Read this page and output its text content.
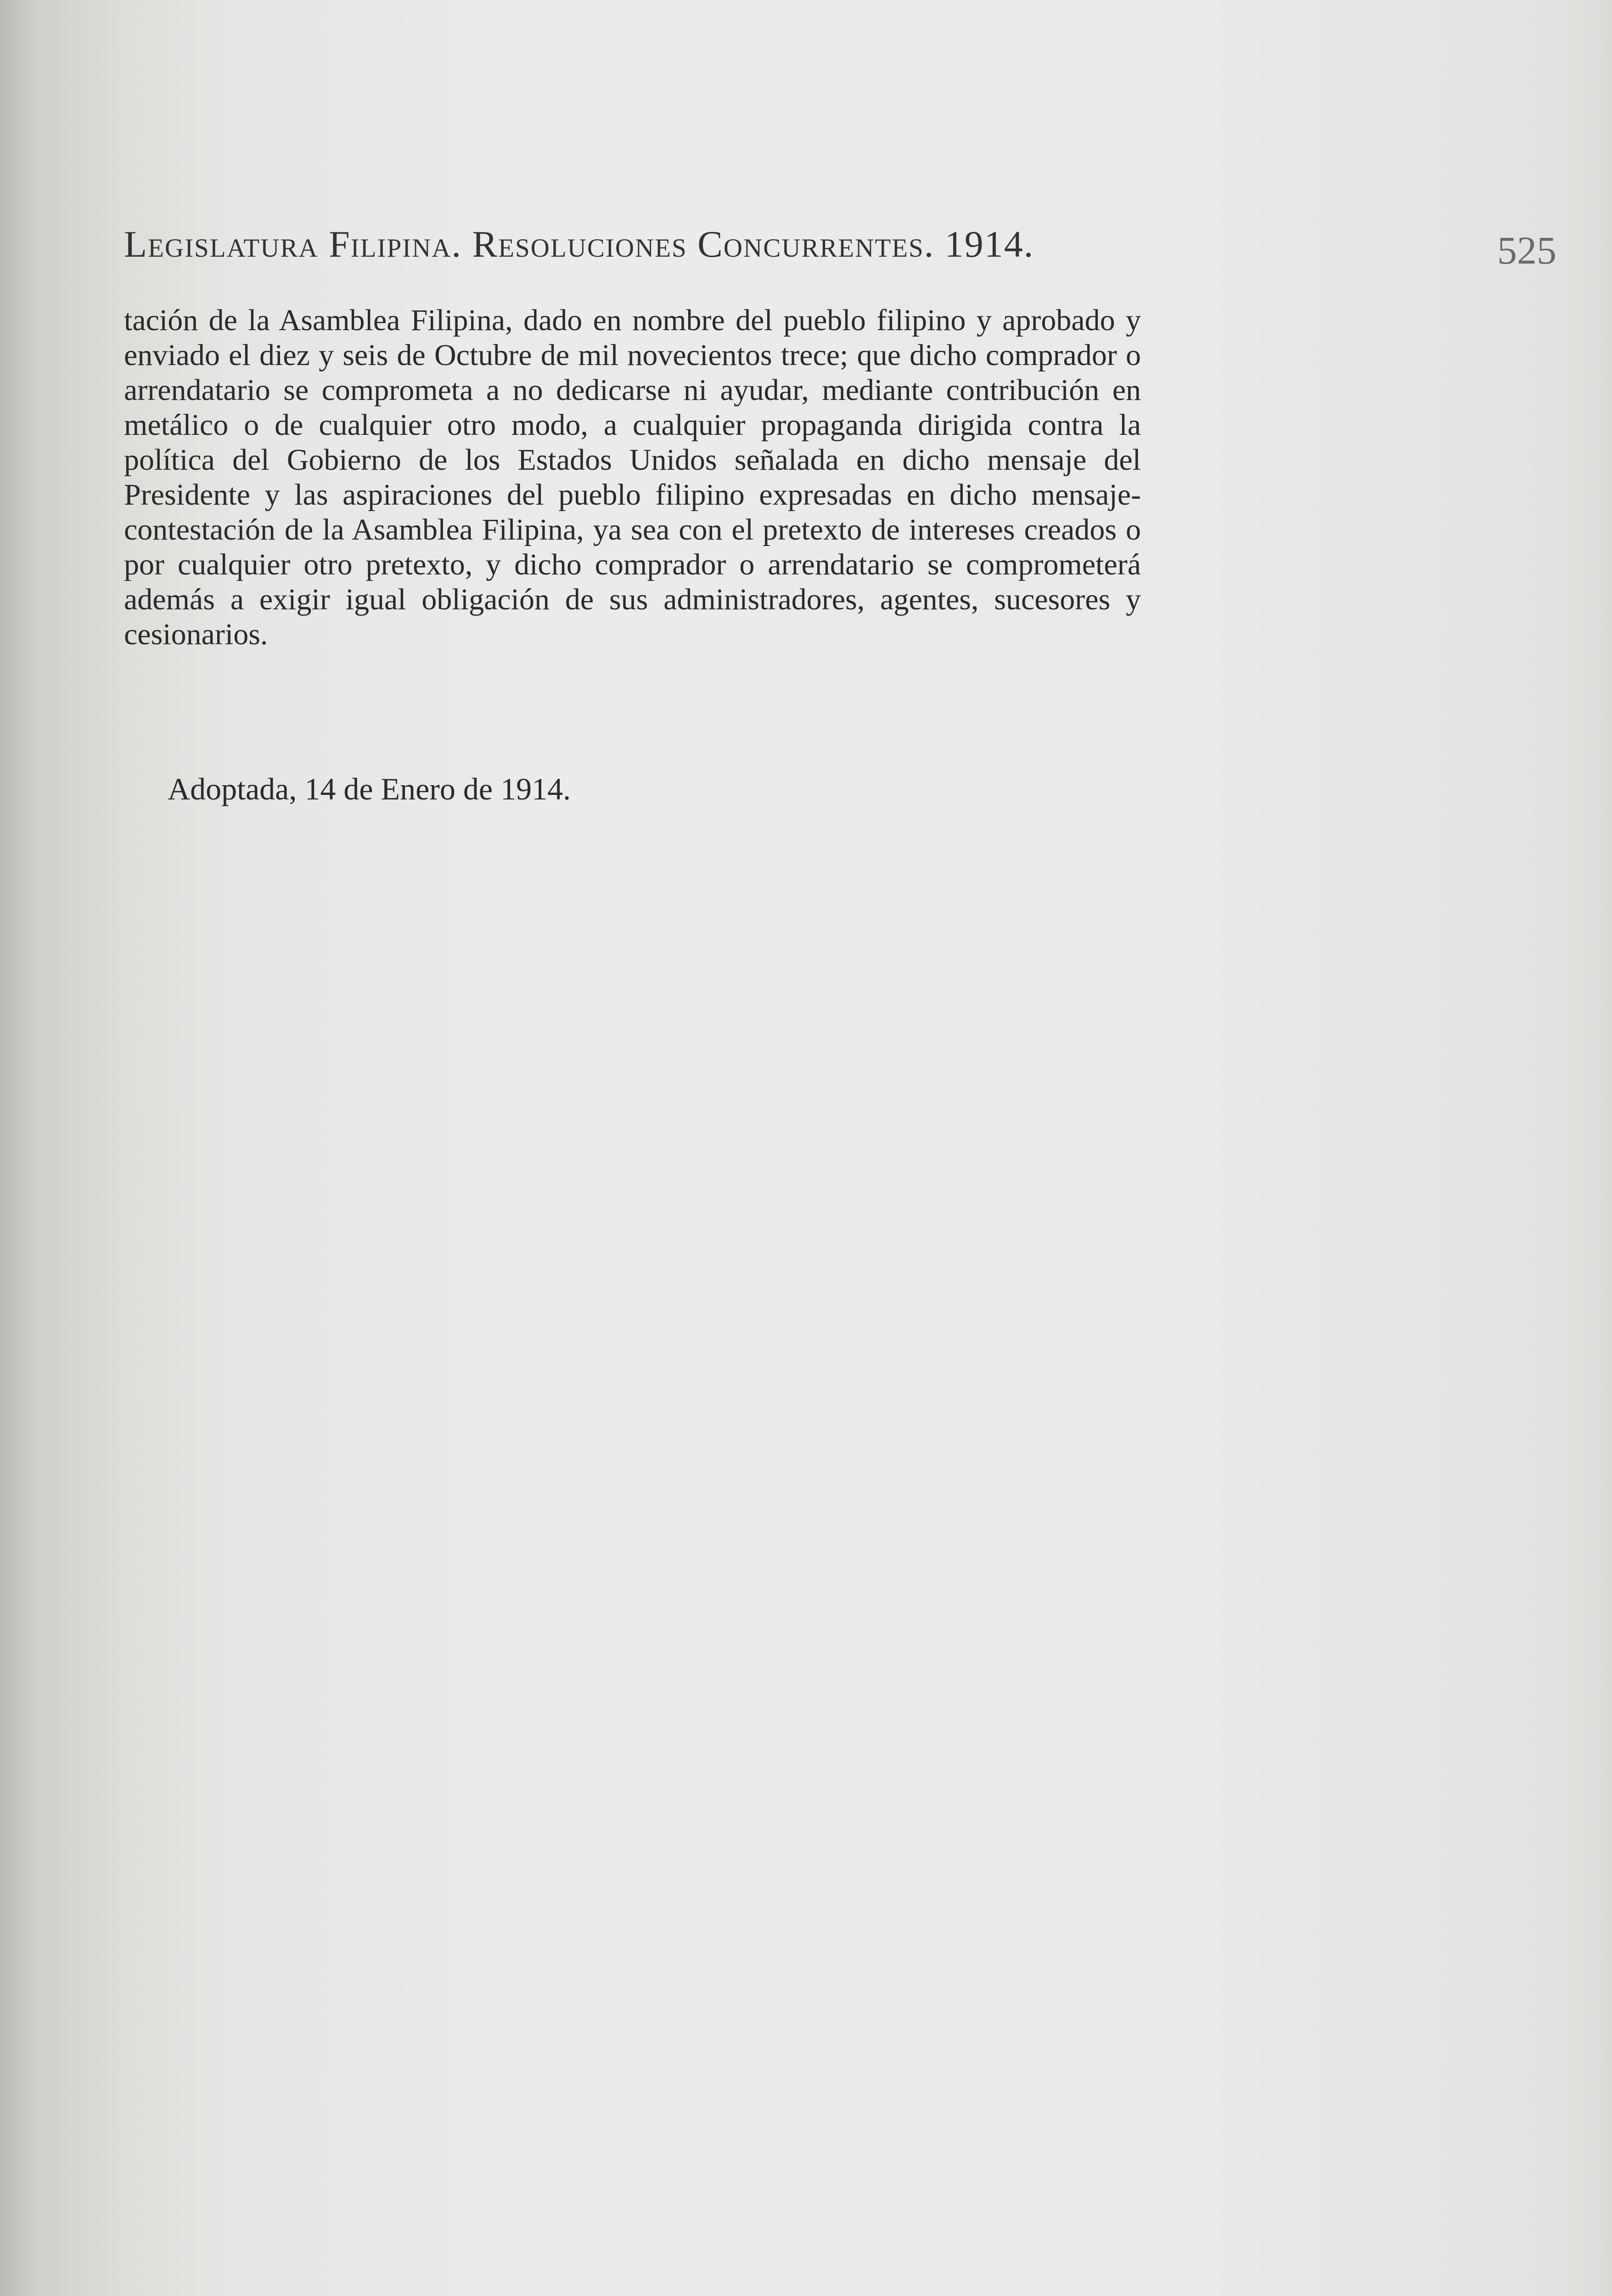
Legislatura Filipina. Resoluciones Concurrentes. 1914.	525

tación de la Asamblea Filipina, dado en nombre del pueblo filipino y aprobado y enviado el diez y seis de Octubre de mil novecientos trece; que dicho comprador o arrendatario se comprometa a no dedicarse ni ayudar, mediante contribución en metálico o de cualquier otro modo, a cualquier propaganda dirigida contra la política del Gobierno de los Estados Unidos señalada en dicho mensaje del Presidente y las aspiraciones del pueblo filipino expresadas en dicho mensaje-contestación de la Asamblea Filipina, ya sea con el pretexto de intereses creados o por cualquier otro pretexto, y dicho comprador o arrendatario se comprometerá además a exigir igual obligación de sus administradores, agentes, sucesores y cesionarios.

Adoptada, 14 de Enero de 1914.
